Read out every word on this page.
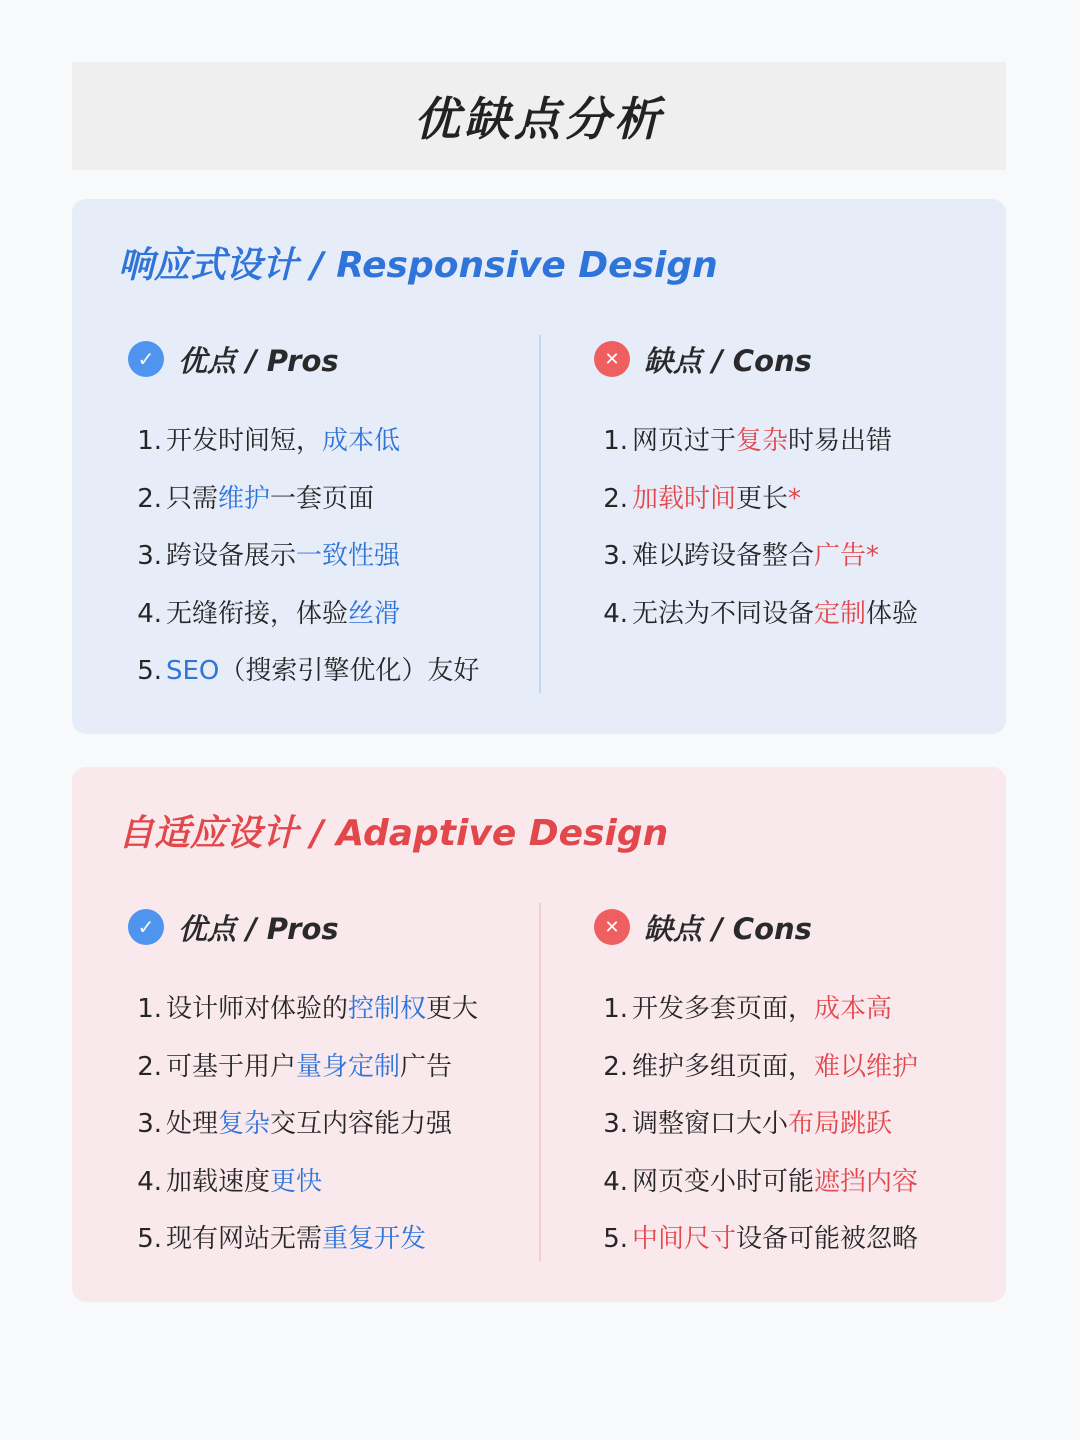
优缺点分析
响应式设计 / Responsive Design
✓ 优点 / Pros
1. 开发时间短，成本低
2. 只需维护一套页面
3. 跨设备展示一致性强
4. 无缝衔接，体验丝滑
5. SEO（搜索引擎优化）友好
✕ 缺点 / Cons
1. 网页过于复杂时易出错
2. 加载时间更长*
3. 难以跨设备整合广告*
4. 无法为不同设备定制体验
自适应设计 / Adaptive Design
✓ 优点 / Pros
1. 设计师对体验的控制权更大
2. 可基于用户量身定制广告
3. 处理复杂交互内容能力强
4. 加载速度更快
5. 现有网站无需重复开发
✕ 缺点 / Cons
1. 开发多套页面，成本高
2. 维护多组页面，难以维护
3. 调整窗口大小布局跳跃
4. 网页变小时可能遮挡内容
5. 中间尺寸设备可能被忽略
